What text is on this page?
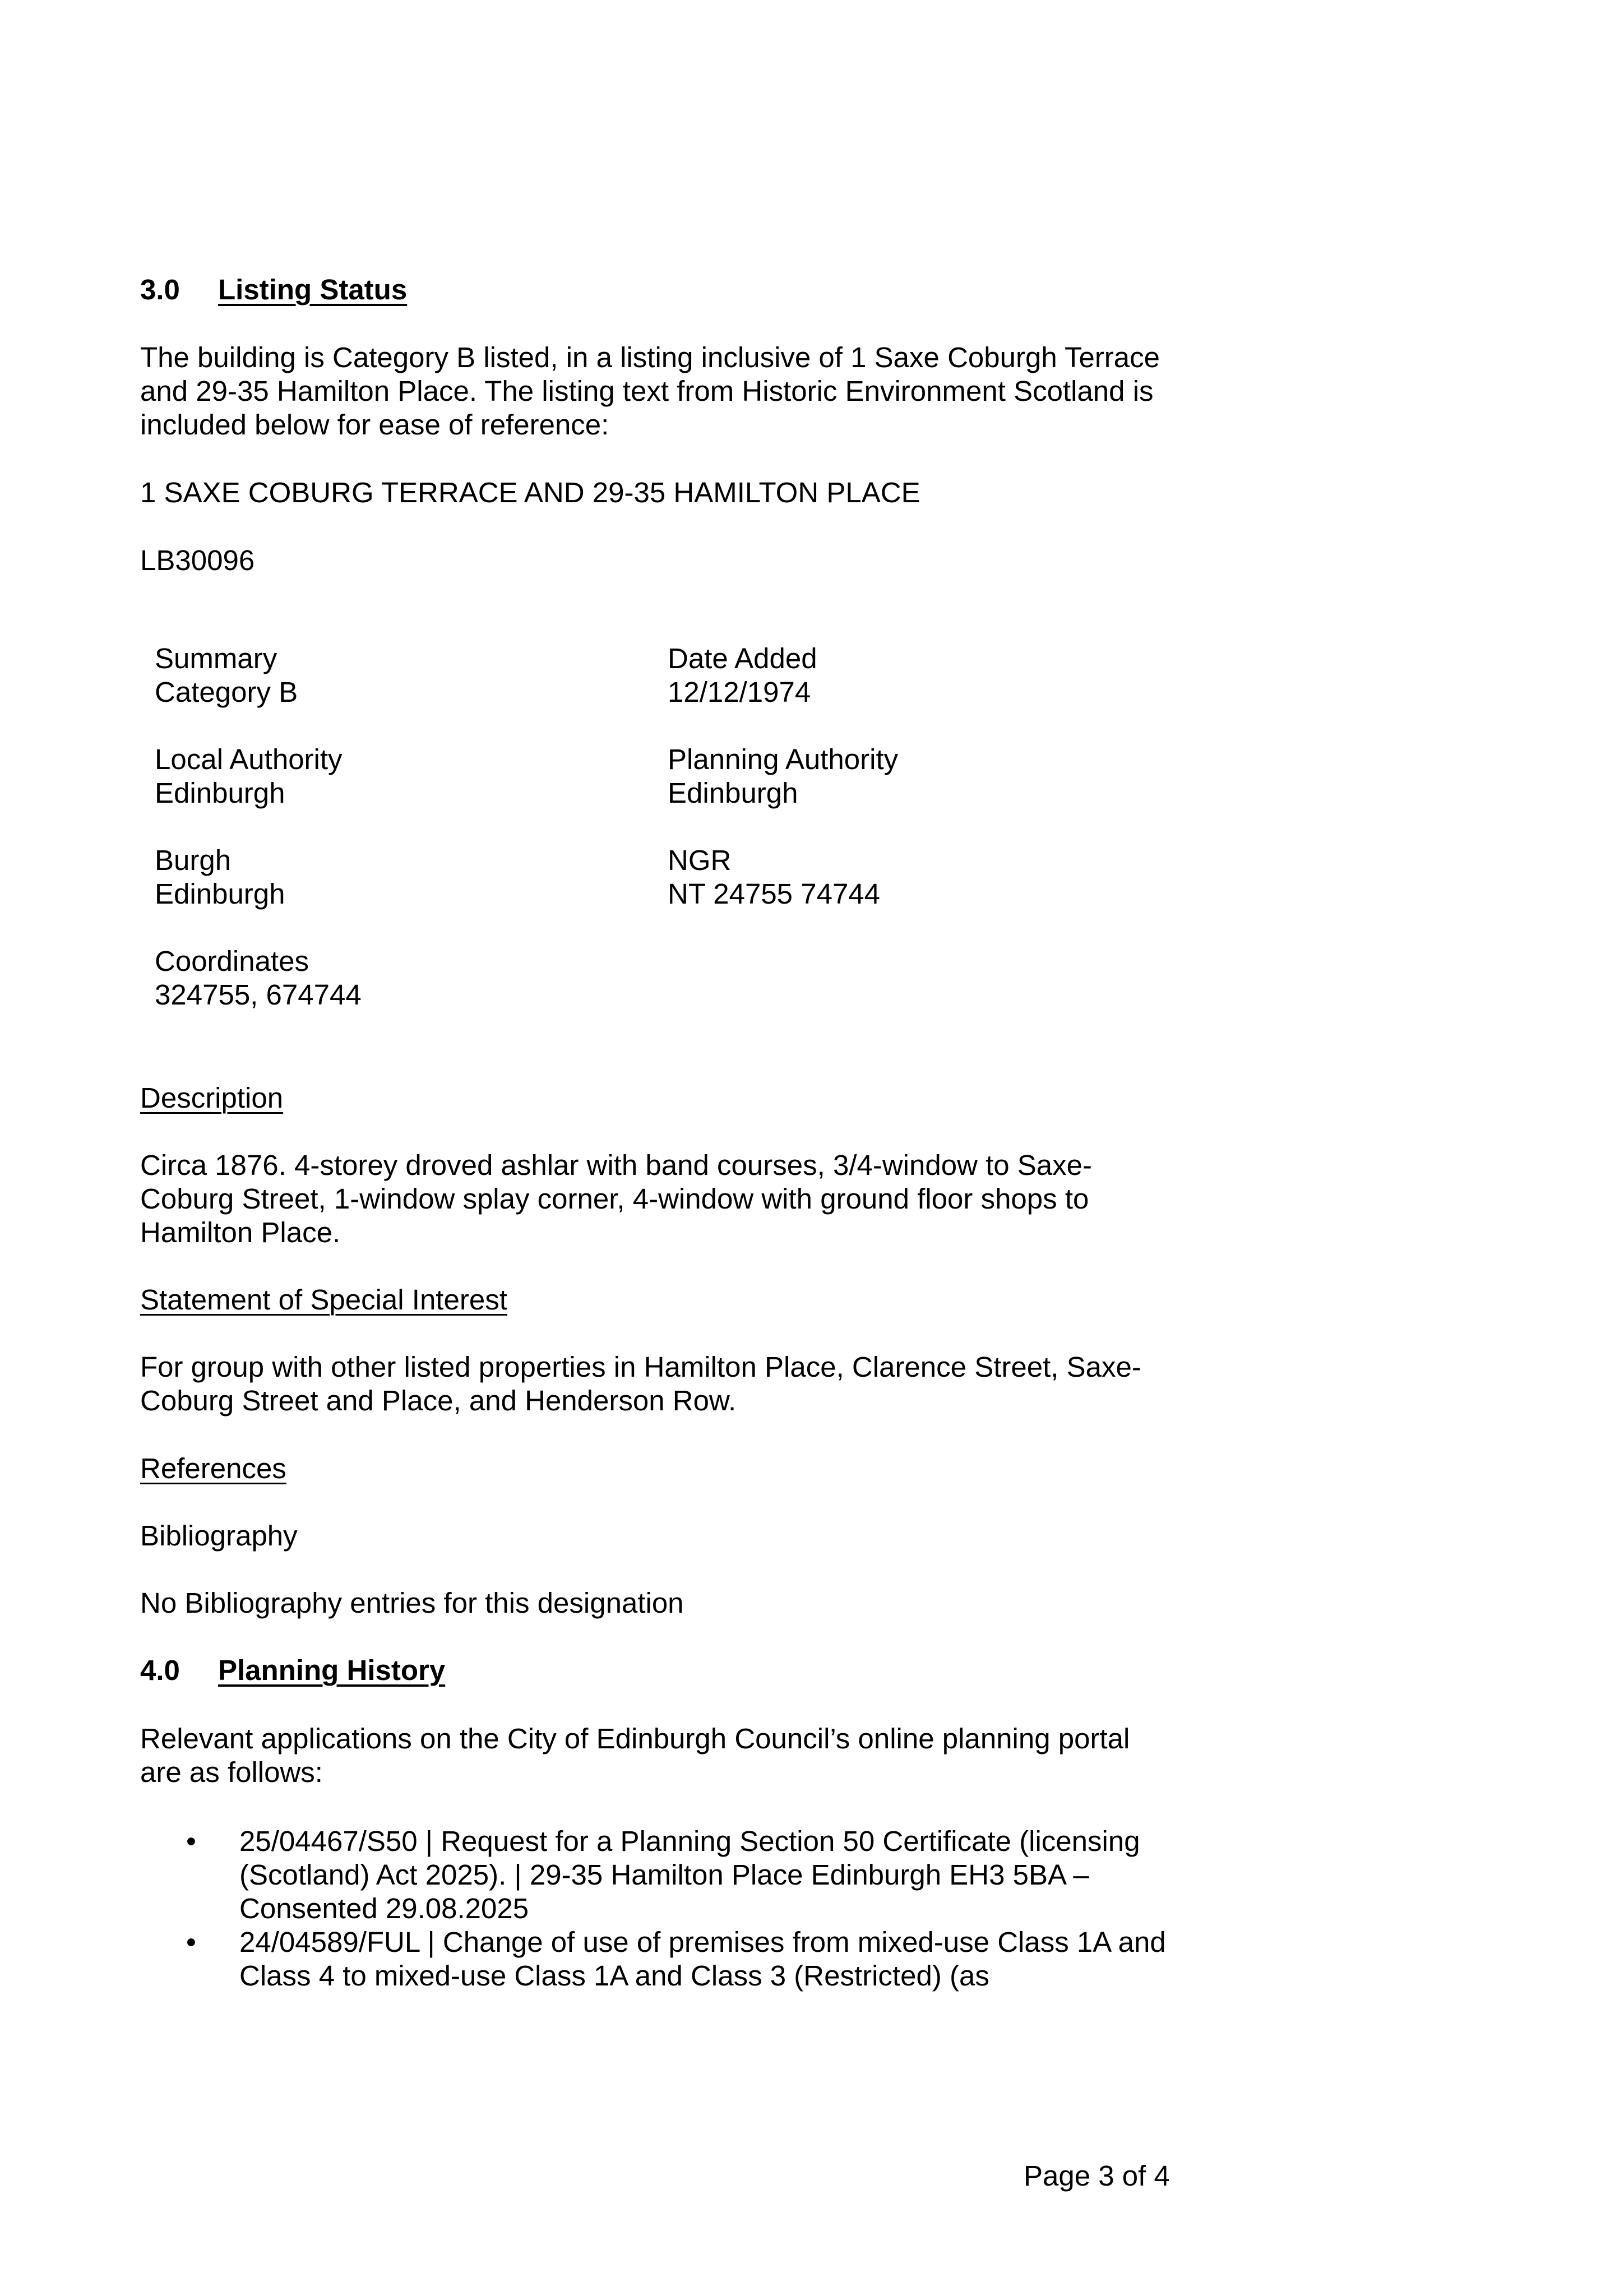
3.0 Listing Status
The building is Category B listed, in a listing inclusive of 1 Saxe Coburgh Terrace and 29-35 Hamilton Place. The listing text from Historic Environment Scotland is included below for ease of reference:
1 SAXE COBURG TERRACE AND 29-35 HAMILTON PLACE
LB30096
Summary
Category B
Date Added
12/12/1974
Local Authority
Edinburgh
Planning Authority
Edinburgh
Burgh
Edinburgh
NGR
NT 24755 74744
Coordinates
324755, 674744
Description
Circa 1876. 4-storey droved ashlar with band courses, 3/4-window to Saxe-Coburg Street, 1-window splay corner, 4-window with ground floor shops to Hamilton Place.
Statement of Special Interest
For group with other listed properties in Hamilton Place, Clarence Street, Saxe-Coburg Street and Place, and Henderson Row.
References
Bibliography
No Bibliography entries for this designation
4.0 Planning History
Relevant applications on the City of Edinburgh Council’s online planning portal are as follows:
• 25/04467/S50 | Request for a Planning Section 50 Certificate (licensing (Scotland) Act 2025). | 29-35 Hamilton Place Edinburgh EH3 5BA – Consented 29.08.2025
• 24/04589/FUL | Change of use of premises from mixed-use Class 1A and Class 4 to mixed-use Class 1A and Class 3 (Restricted) (as
Page 3 of 4
